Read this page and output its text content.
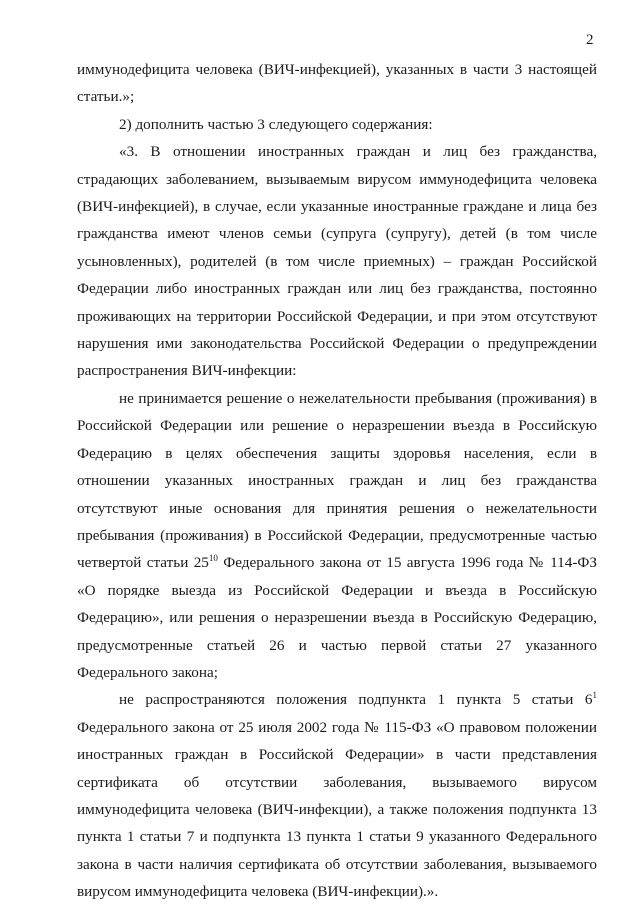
2

иммунодефицита человека (ВИЧ-инфекцией), указанных в части 3 настоящей статьи.»;

2) дополнить частью 3 следующего содержания:

«3. В отношении иностранных граждан и лиц без гражданства, страдающих заболеванием, вызываемым вирусом иммунодефицита человека (ВИЧ-инфекцией), в случае, если указанные иностранные граждане и лица без гражданства имеют членов семьи (супруга (супругу), детей (в том числе усыновленных), родителей (в том числе приемных) – граждан Российской Федерации либо иностранных граждан или лиц без гражданства, постоянно проживающих на территории Российской Федерации, и при этом отсутствуют нарушения ими законодательства Российской Федерации о предупреждении распространения ВИЧ-инфекции:

не принимается решение о нежелательности пребывания (проживания) в Российской Федерации или решение о неразрешении въезда в Российскую Федерацию в целях обеспечения защиты здоровья населения, если в отношении указанных иностранных граждан и лиц без гражданства отсутствуют иные основания для принятия решения о нежелательности пребывания (проживания) в Российской Федерации, предусмотренные частью четвертой статьи $25^{10}$ Федерального закона от 15 августа 1996 года № 114-ФЗ «О порядке выезда из Российской Федерации и въезда в Российскую Федерацию», или решения о неразрешении въезда в Российскую Федерацию, предусмотренные статьей 26 и частью первой статьи 27 указанного Федерального закона;

не распространяются положения подпункта 1 пункта 5 статьи $6^1$ Федерального закона от 25 июля 2002 года № 115-ФЗ «О правовом положении иностранных граждан в Российской Федерации» в части представления сертификата об отсутствии заболевания, вызываемого вирусом иммунодефицита человека (ВИЧ-инфекции), а также положения подпункта 13 пункта 1 статьи 7 и подпункта 13 пункта 1 статьи 9 указанного Федерального закона в части наличия сертификата об отсутствии заболевания, вызываемого вирусом иммунодефицита человека (ВИЧ-инфекции).».
